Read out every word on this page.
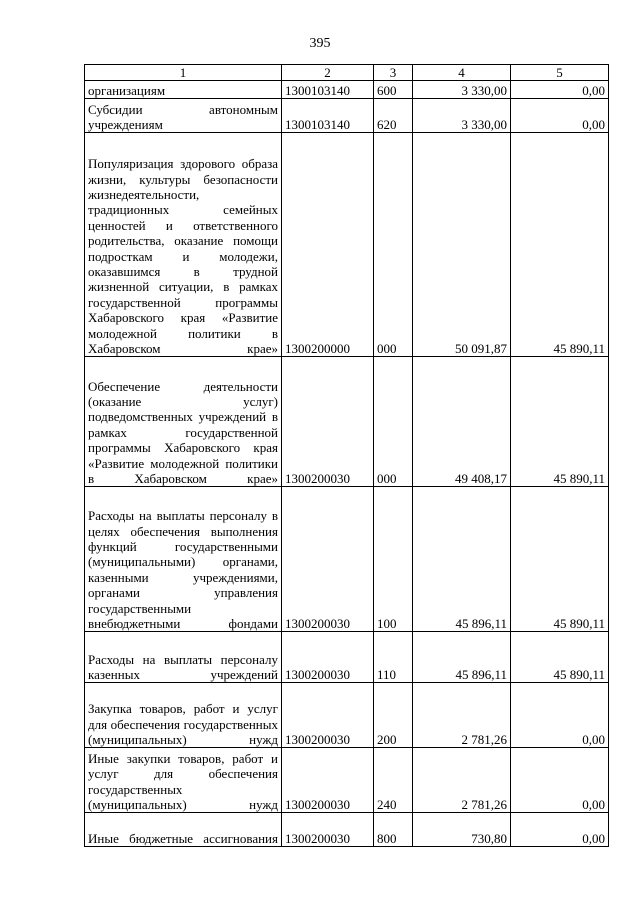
395
1	2	3	4	5
организациям	1300103140	600	3 330,00	0,00
Субсидии автономным учреждениям	1300103140	620	3 330,00	0,00
Популяризация здорового образа жизни, культуры безопасности жизнедеятельности, традиционных семейных ценностей и ответственного родительства, оказание помощи подросткам и молодежи, оказавшимся в трудной жизненной ситуации, в рамках государственной программы Хабаровского края «Развитие молодежной политики в Хабаровском крае»	1300200000	000	50 091,87	45 890,11
Обеспечение деятельности (оказание услуг) подведомственных учреждений в рамках государственной программы Хабаровского края «Развитие молодежной политики в Хабаровском крае»	1300200030	000	49 408,17	45 890,11
Расходы на выплаты персоналу в целях обеспечения выполнения функций государственными (муниципальными) органами, казенными учреждениями, органами управления государственными внебюджетными фондами	1300200030	100	45 896,11	45 890,11
Расходы на выплаты персоналу казенных учреждений	1300200030	110	45 896,11	45 890,11
Закупка товаров, работ и услуг для обеспечения государственных (муниципальных) нужд	1300200030	200	2 781,26	0,00
Иные закупки товаров, работ и услуг для обеспечения государственных (муниципальных) нужд	1300200030	240	2 781,26	0,00
Иные бюджетные ассигнования	1300200030	800	730,80	0,00
